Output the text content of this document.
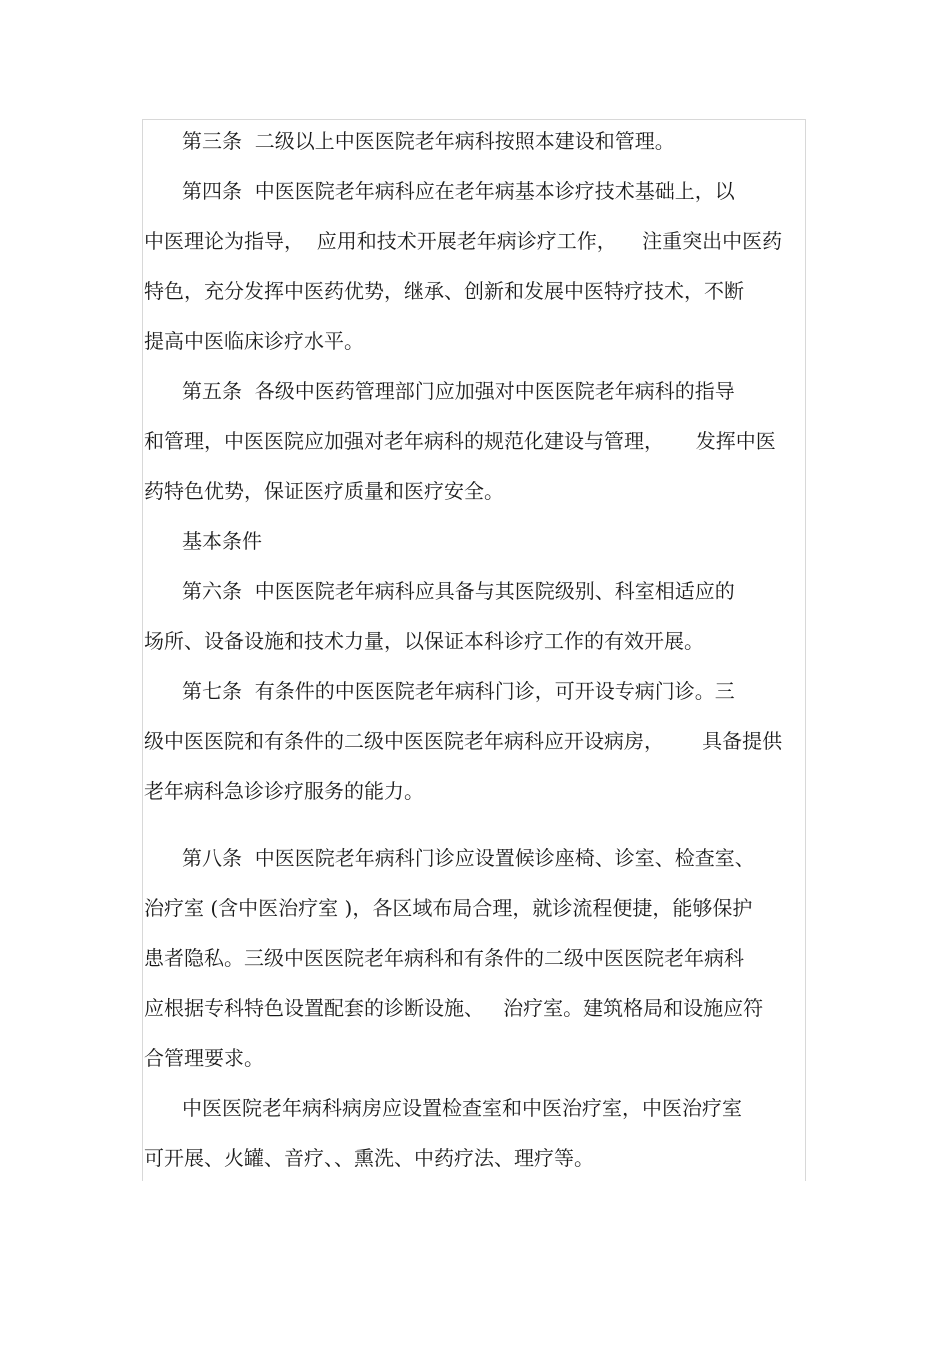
第三条  二级以上中医医院老年病科按照本建设和管理。
第四条  中医医院老年病科应在老年病基本诊疗技术基础上，以
中医理论为指导，  应用和技术开展老年病诊疗工作，    注重突出中医药
特色，充分发挥中医药优势，继承、创新和发展中医特疗技术，不断
提高中医临床诊疗水平。
第五条  各级中医药管理部门应加强对中医医院老年病科的指导
和管理，中医医院应加强对老年病科的规范化建设与管理，     发挥中医
药特色优势，保证医疗质量和医疗安全。
基本条件
第六条  中医医院老年病科应具备与其医院级别、科室相适应的
场所、设备设施和技术力量，以保证本科诊疗工作的有效开展。
第七条  有条件的中医医院老年病科门诊，可开设专病门诊。三
级中医医院和有条件的二级中医医院老年病科应开设病房，      具备提供
老年病科急诊诊疗服务的能力。
第八条  中医医院老年病科门诊应设置候诊座椅、诊室、检查室、
治疗室 (含中医治疗室 )，各区域布局合理，就诊流程便捷，能够保护
患者隐私。三级中医医院老年病科和有条件的二级中医医院老年病科
应根据专科特色设置配套的诊断设施、   治疗室。建筑格局和设施应符
合管理要求。
中医医院老年病科病房应设置检查室和中医治疗室，中医治疗室
可开展、火罐、音疗、、熏洗、中药疗法、理疗等。
